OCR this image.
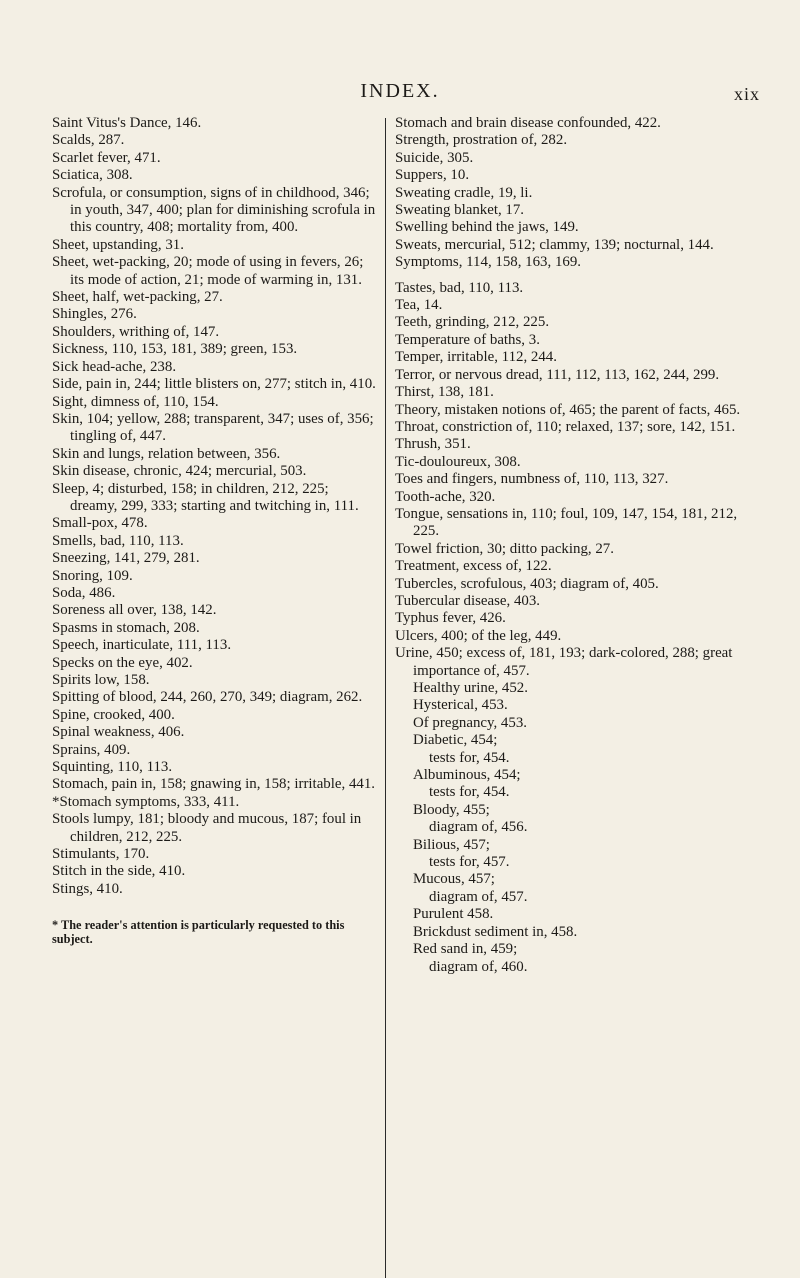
INDEX.	xix

Saint Vitus's Dance, 146.

Scalds, 287.

Scarlet fever, 471.

Sciatica, 308.

Scrofula, or consumption, signs of in childhood, 346; in youth, 347, 400; plan for diminishing scrofula in this country, 408; mortality from, 400.

Sheet, upstanding, 31.

Sheet, wet-packing, 20; mode of using in fevers, 26; its mode of action, 21; mode of warming in, 131.

Sheet, half, wet-packing, 27.

Shingles, 276.

Shoulders, writhing of, 147.

Sickness, 110, 153, 181, 389; green, 153.

Sick head-ache, 238.

Side, pain in, 244; little blisters on, 277; stitch in, 410.

Sight, dimness of, 110, 154.

Skin, 104; yellow, 288; transparent, 347; uses of, 356; tingling of, 447.

Skin and lungs, relation between, 356.

Skin disease, chronic, 424; mercurial, 503.

Sleep, 4; disturbed, 158; in children, 212, 225; dreamy, 299, 333; starting and twitching in, 111.

Small-pox, 478.

Smells, bad, 110, 113.

Sneezing, 141, 279, 281.

Snoring, 109.

Soda, 486.

Soreness all over, 138, 142.

Spasms in stomach, 208.

Speech, inarticulate, 111, 113.

Specks on the eye, 402.

Spirits low, 158.

Spitting of blood, 244, 260, 270, 349; diagram, 262.

Spine, crooked, 400.

Spinal weakness, 406.

Sprains, 409.

Squinting, 110, 113.

Stomach, pain in, 158; gnawing in, 158; irritable, 441.

*Stomach symptoms, 333, 411.

Stools lumpy, 181; bloody and mucous, 187; foul in children, 212, 225.

Stimulants, 170.

Stitch in the side, 410.

Stings, 410.

* The reader's attention is particularly requested to this subject.

Stomach and brain disease confounded, 422.

Strength, prostration of, 282.

Suicide, 305.

Suppers, 10.

Sweating cradle, 19, li.

Sweating blanket, 17.

Swelling behind the jaws, 149.

Sweats, mercurial, 512; clammy, 139; nocturnal, 144.

Symptoms, 114, 158, 163, 169.

Tastes, bad, 110, 113.

Tea, 14.

Teeth, grinding, 212, 225.

Temperature of baths, 3.

Temper, irritable, 112, 244.

Terror, or nervous dread, 111, 112, 113, 162, 244, 299.

Thirst, 138, 181.

Theory, mistaken notions of, 465; the parent of facts, 465.

Throat, constriction of, 110; relaxed, 137; sore, 142, 151.

Thrush, 351.

Tic-douloureux, 308.

Toes and fingers, numbness of, 110, 113, 327.

Tooth-ache, 320.

Tongue, sensations in, 110; foul, 109, 147, 154, 181, 212, 225.

Towel friction, 30; ditto packing, 27.

Treatment, excess of, 122.

Tubercles, scrofulous, 403; diagram of, 405.

Tubercular disease, 403.

Typhus fever, 426.

Ulcers, 400; of the leg, 449.

Urine, 450; excess of, 181, 193; dark-colored, 288; great importance of, 457.

Healthy urine, 452.

Hysterical, 453.

Of pregnancy, 453.

Diabetic, 454;

tests for, 454.

Albuminous, 454;

tests for, 454.

Bloody, 455;

diagram of, 456.

Bilious, 457;

tests for, 457.

Mucous, 457;

diagram of, 457.

Purulent 458.

Brickdust sediment in, 458.

Red sand in, 459;

diagram of, 460.
